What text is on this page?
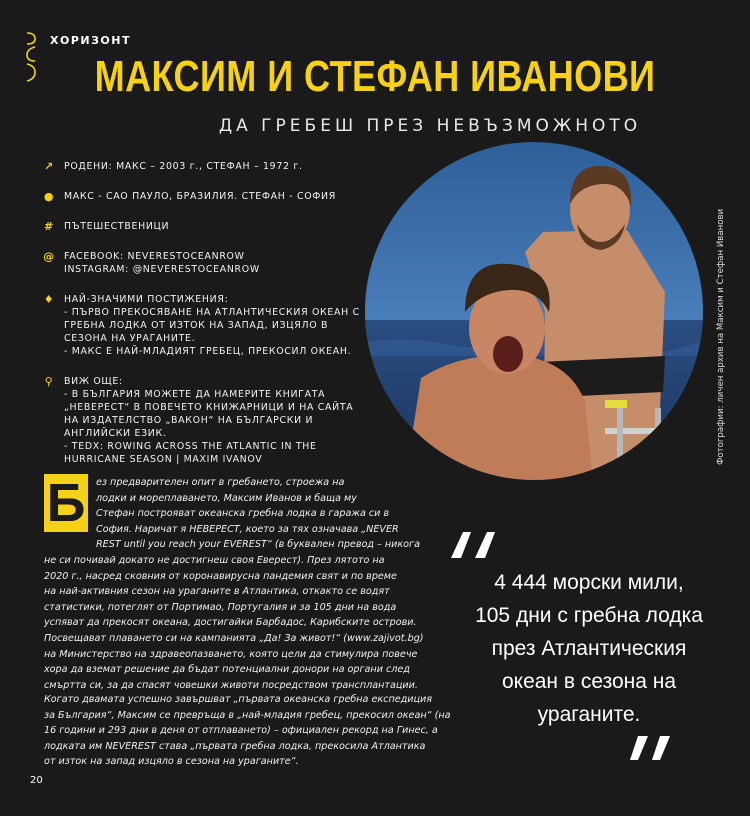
ХОРИЗОНТ
МАКСИМ И СТЕФАН ИВАНОВИ
ДА ГРЕБЕШ ПРЕЗ НЕВЪЗМОЖНОТО
↗ РОДЕНИ: МАКС – 2003 г., СТЕФАН – 1972 г.
● МАКС - САО ПАУЛО, БРАЗИЛИЯ. СТЕФАН - СОФИЯ
# ПЪТЕШЕСТВЕНИЦИ
@ FACEBOOK: NEVERESTOCEANROW
INSTAGRAM: @NEVERESTOCEANROW
♦ НАЙ-ЗНАЧИМИ ПОСТИЖЕНИЯ:
- ПЪРВО ПРЕКОСЯВАНЕ НА АТЛАНТИЧЕСКИЯ ОКЕАН С
ГРЕБНА ЛОДКА ОТ ИЗТОК НА ЗАПАД, ИЗЦЯЛО В
СЕЗОНА НА УРАГАНИТЕ.
- МАКС Е НАЙ-МЛАДИЯТ ГРЕБЕЦ, ПРЕКОСИЛ ОКЕАН.
⚲ ВИЖ ОЩЕ:
- В БЪЛГАРИЯ МОЖЕТЕ ДА НАМЕРИТЕ КНИГАТА
„НЕВЕРЕСТ“ В ПОВЕЧЕТО КНИЖАРНИЦИ И НА САЙТА
НА ИЗДАТЕЛСТВО „ВАКОН“ НА БЪЛГАРСКИ И
АНГЛИЙСКИ ЕЗИК.
- TEDX: ROWING ACROSS THE ATLANTIC IN THE
HURRICANE SEASON | MAXIM IVANOV	Фотографии: личен архив на Максим и Стефан Иванови
Б ез предварителен опит в гребането, строежа на
лодки и мореплаването, Максим Иванов и баща му
Стефан построяват океанска гребна лодка в гаража си в
София. Наричат я НЕВЕРЕСТ, което за тях означава „NEVER
REST until you reach your EVEREST“ (в буквален превод – никога
не си почивай докато не достигнеш своя Еверест). През лятото на
2020 г., насред сковния от коронавирусна пандемия свят и по време
на най-активния сезон на ураганите в Атлантика, откакто се водят
статистики, потеглят от Портимао, Португалия и за 105 дни на вода
успяват да прекосят океана, достигайки Барбадос, Карибските острови.
Посвещават плаването си на кампанията „Да! За живот!“ (www.zajivot.bg)
на Министерство на здравеопазването, която цели да стимулира повече
хора да вземат решение да бъдат потенциални донори на органи след
смъртта си, за да спасят човешки животи посредством трансплантации.
Когато двамата успешно завършват „първата океанска гребна експедиция
за България“, Максим се превръща в „най-младия гребец, прекосил океан“ (на
16 години и 293 дни в деня от отплаването) – официален рекорд на Гинес, а
лодката им NEVEREST става „първата гребна лодка, прекосила Атлантика
от изток на запад изцяло в сезона на ураганите“.
4 444 морски мили,
105 дни с гребна лодка
през Атлантическия
океан в сезона на
ураганите.
20
